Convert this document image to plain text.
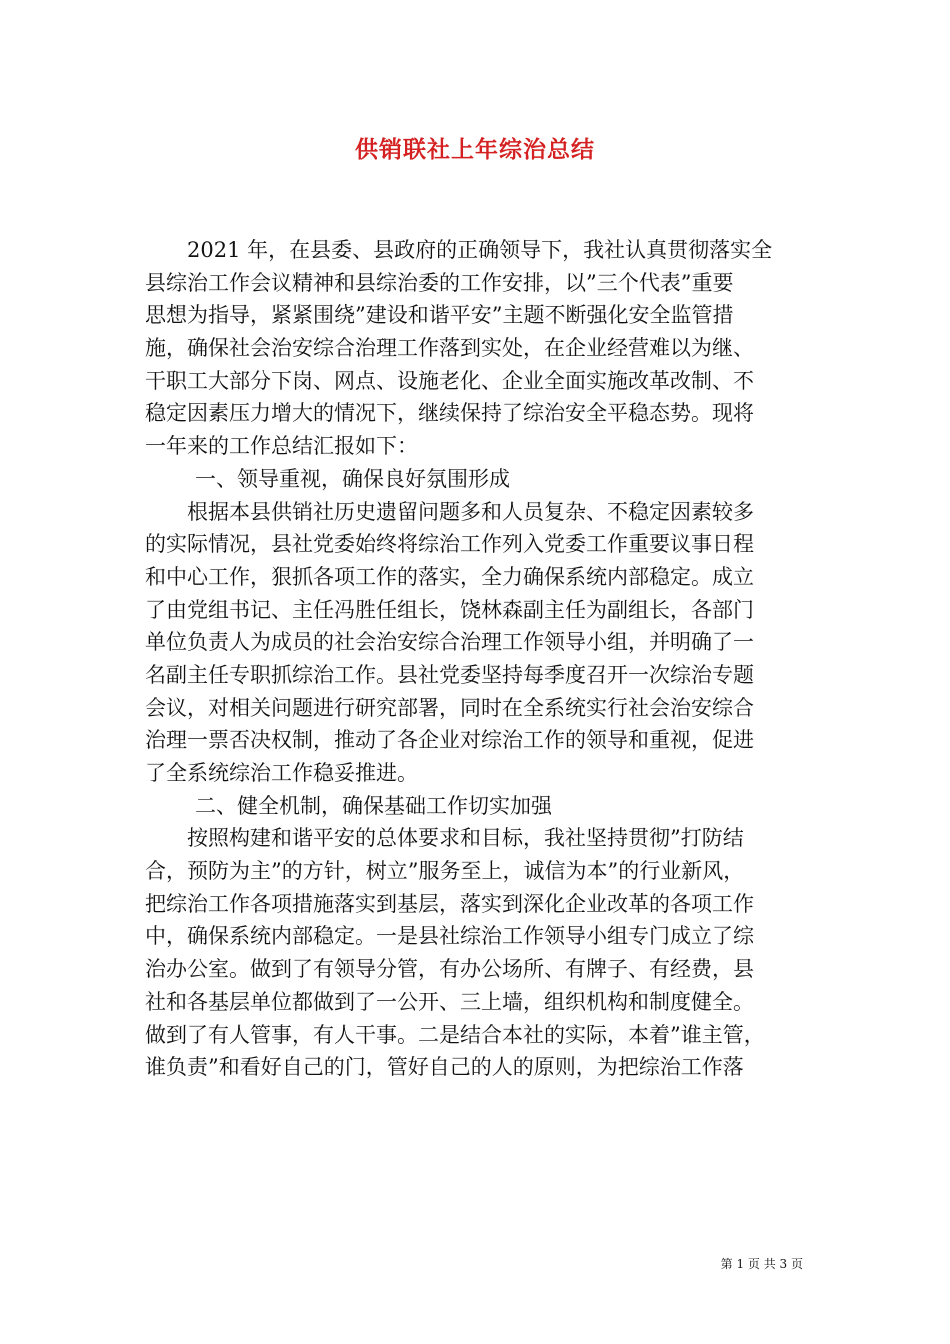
供销联社上年综治总结
2021 年，在县委、县政府的正确领导下，我社认真贯彻落实全
县综治工作会议精神和县综治委的工作安排，以”三个代表”重要
思想为指导，紧紧围绕”建设和谐平安”主题不断强化安全监管措
施，确保社会治安综合治理工作落到实处，在企业经营难以为继、
干职工大部分下岗、网点、设施老化、企业全面实施改革改制、不
稳定因素压力增大的情况下，继续保持了综治安全平稳态势。现将
一年来的工作总结汇报如下：
一、领导重视，确保良好氛围形成
根据本县供销社历史遗留问题多和人员复杂、不稳定因素较多
的实际情况，县社党委始终将综治工作列入党委工作重要议事日程
和中心工作，狠抓各项工作的落实，全力确保系统内部稳定。成立
了由党组书记、主任冯胜任组长，饶林森副主任为副组长，各部门
单位负责人为成员的社会治安综合治理工作领导小组，并明确了一
名副主任专职抓综治工作。县社党委坚持每季度召开一次综治专题
会议，对相关问题进行研究部署，同时在全系统实行社会治安综合
治理一票否决权制，推动了各企业对综治工作的领导和重视，促进
了全系统综治工作稳妥推进。
二、健全机制，确保基础工作切实加强
按照构建和谐平安的总体要求和目标，我社坚持贯彻”打防结
合，预防为主”的方针，树立”服务至上，诚信为本”的行业新风，
把综治工作各项措施落实到基层，落实到深化企业改革的各项工作
中，确保系统内部稳定。一是县社综治工作领导小组专门成立了综
治办公室。做到了有领导分管，有办公场所、有牌子、有经费，县
社和各基层单位都做到了一公开、三上墙，组织机构和制度健全。
做到了有人管事，有人干事。二是结合本社的实际，本着”谁主管，
谁负责”和看好自己的门，管好自己的人的原则，为把综治工作落
第 1 页 共 3 页
